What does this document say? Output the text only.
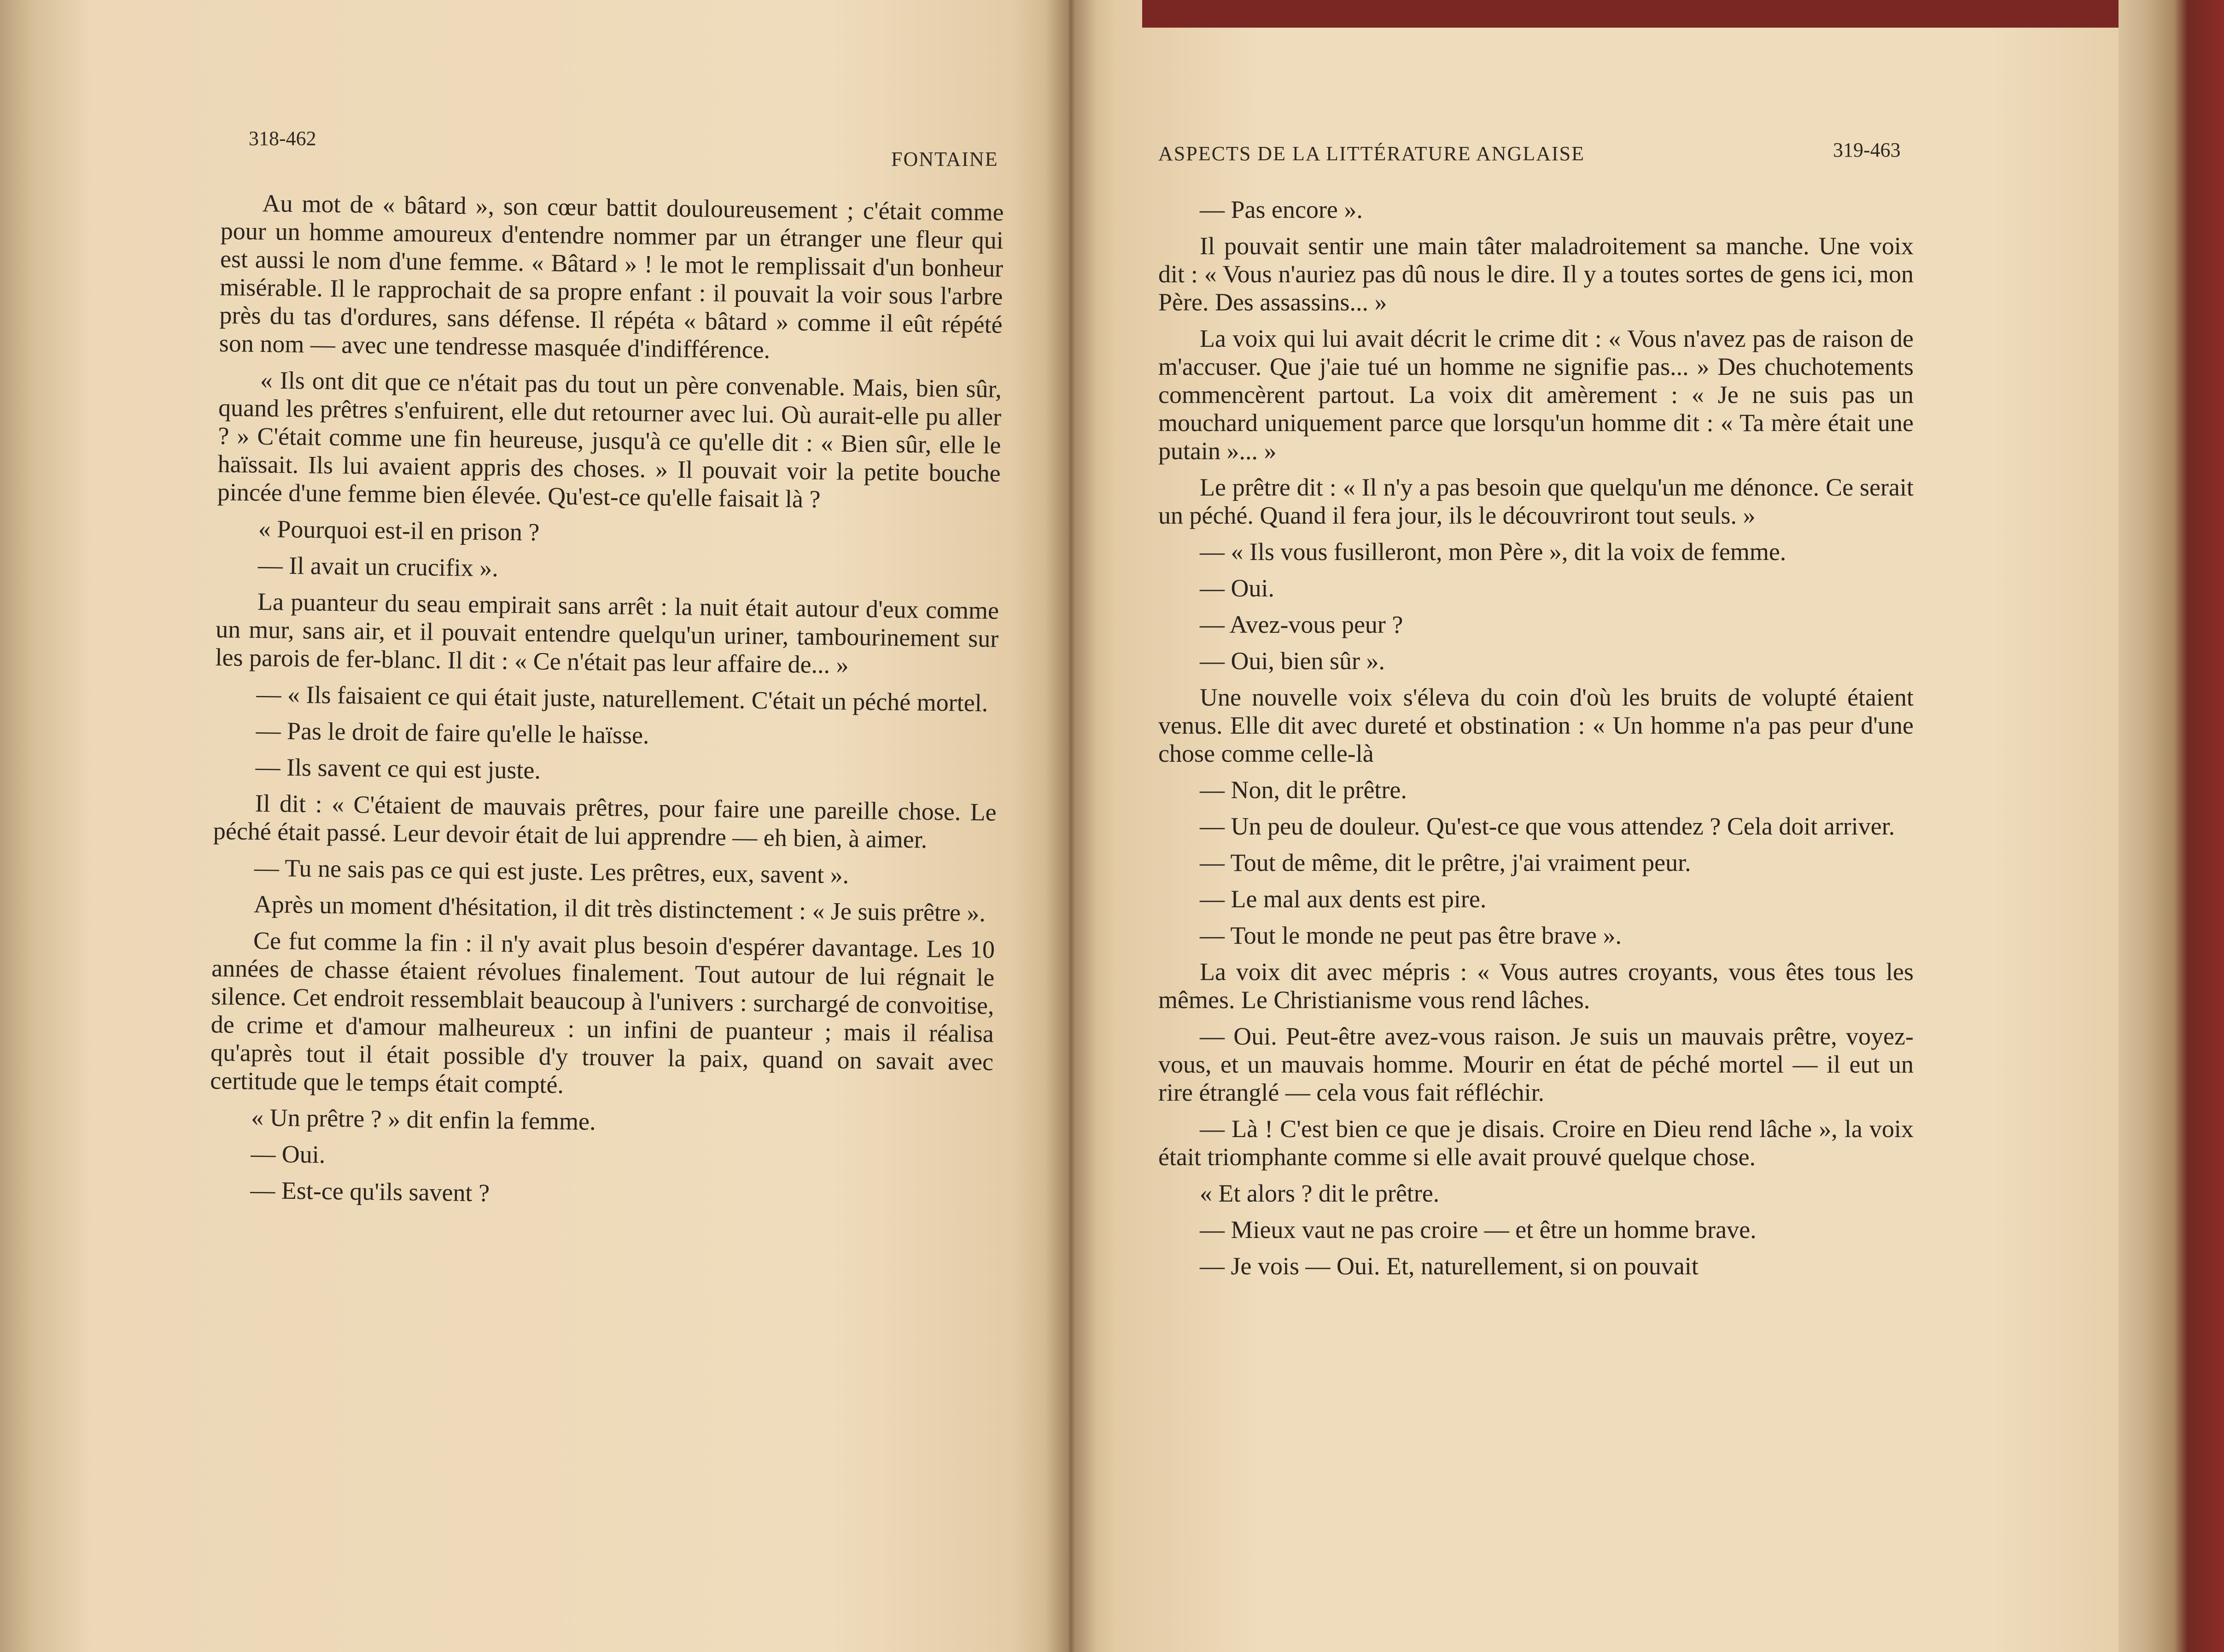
318-462
FONTAINE

Au mot de « bâtard », son cœur battit douloureusement ; c'était comme pour un homme amoureux d'entendre nommer par un étranger une fleur qui est aussi le nom d'une femme. « Bâtard » ! le mot le remplissait d'un bonheur misérable. Il le rapprochait de sa propre enfant : il pouvait la voir sous l'arbre près du tas d'ordures, sans défense. Il répéta « bâtard » comme il eût répété son nom — avec une tendresse masquée d'indifférence.

« Ils ont dit que ce n'était pas du tout un père convenable. Mais, bien sûr, quand les prêtres s'enfuirent, elle dut retourner avec lui. Où aurait-elle pu aller ? » C'était comme une fin heureuse, jusqu'à ce qu'elle dit : « Bien sûr, elle le haïssait. Ils lui avaient appris des choses. » Il pouvait voir la petite bouche pincée d'une femme bien élevée. Qu'est-ce qu'elle faisait là ?

« Pourquoi est-il en prison ?

— Il avait un crucifix ».

La puanteur du seau empirait sans arrêt : la nuit était autour d'eux comme un mur, sans air, et il pouvait entendre quelqu'un uriner, tambourinement sur les parois de fer-blanc. Il dit : « Ce n'était pas leur affaire de... »

— « Ils faisaient ce qui était juste, naturellement. C'était un péché mortel.

— Pas le droit de faire qu'elle le haïsse.

— Ils savent ce qui est juste.

Il dit : « C'étaient de mauvais prêtres, pour faire une pareille chose. Le péché était passé. Leur devoir était de lui apprendre — eh bien, à aimer.

— Tu ne sais pas ce qui est juste. Les prêtres, eux, savent ».

Après un moment d'hésitation, il dit très distinctement : « Je suis prêtre ».

Ce fut comme la fin : il n'y avait plus besoin d'espérer davantage. Les 10 années de chasse étaient révolues finalement. Tout autour de lui régnait le silence. Cet endroit ressemblait beaucoup à l'univers : surchargé de convoitise, de crime et d'amour malheureux : un infini de puanteur ; mais il réalisa qu'après tout il était possible d'y trouver la paix, quand on savait avec certitude que le temps était compté.

« Un prêtre ? » dit enfin la femme.

— Oui.

— Est-ce qu'ils savent ?

ASPECTS DE LA LITTÉRATURE ANGLAISE	319-463

— Pas encore ».

Il pouvait sentir une main tâter maladroitement sa manche. Une voix dit : « Vous n'auriez pas dû nous le dire. Il y a toutes sortes de gens ici, mon Père. Des assassins... »

La voix qui lui avait décrit le crime dit : « Vous n'avez pas de raison de m'accuser. Que j'aie tué un homme ne signifie pas... » Des chuchotements commencèrent partout. La voix dit amèrement : « Je ne suis pas un mouchard uniquement parce que lorsqu'un homme dit : « Ta mère était une putain »... »

Le prêtre dit : « Il n'y a pas besoin que quelqu'un me dénonce. Ce serait un péché. Quand il fera jour, ils le découvriront tout seuls. »

— « Ils vous fusilleront, mon Père », dit la voix de femme.

— Oui.

— Avez-vous peur ?

— Oui, bien sûr ».

Une nouvelle voix s'éleva du coin d'où les bruits de volupté étaient venus. Elle dit avec dureté et obstination : « Un homme n'a pas peur d'une chose comme celle-là

— Non, dit le prêtre.

— Un peu de douleur. Qu'est-ce que vous attendez ? Cela doit arriver.

— Tout de même, dit le prêtre, j'ai vraiment peur.

— Le mal aux dents est pire.

— Tout le monde ne peut pas être brave ».

La voix dit avec mépris : « Vous autres croyants, vous êtes tous les mêmes. Le Christianisme vous rend lâches.

— Oui. Peut-être avez-vous raison. Je suis un mauvais prêtre, voyez-vous, et un mauvais homme. Mourir en état de péché mortel — il eut un rire étranglé — cela vous fait réfléchir.

— Là ! C'est bien ce que je disais. Croire en Dieu rend lâche », la voix était triomphante comme si elle avait prouvé quelque chose.

« Et alors ? dit le prêtre.

— Mieux vaut ne pas croire — et être un homme brave.

— Je vois — Oui. Et, naturellement, si on pouvait
